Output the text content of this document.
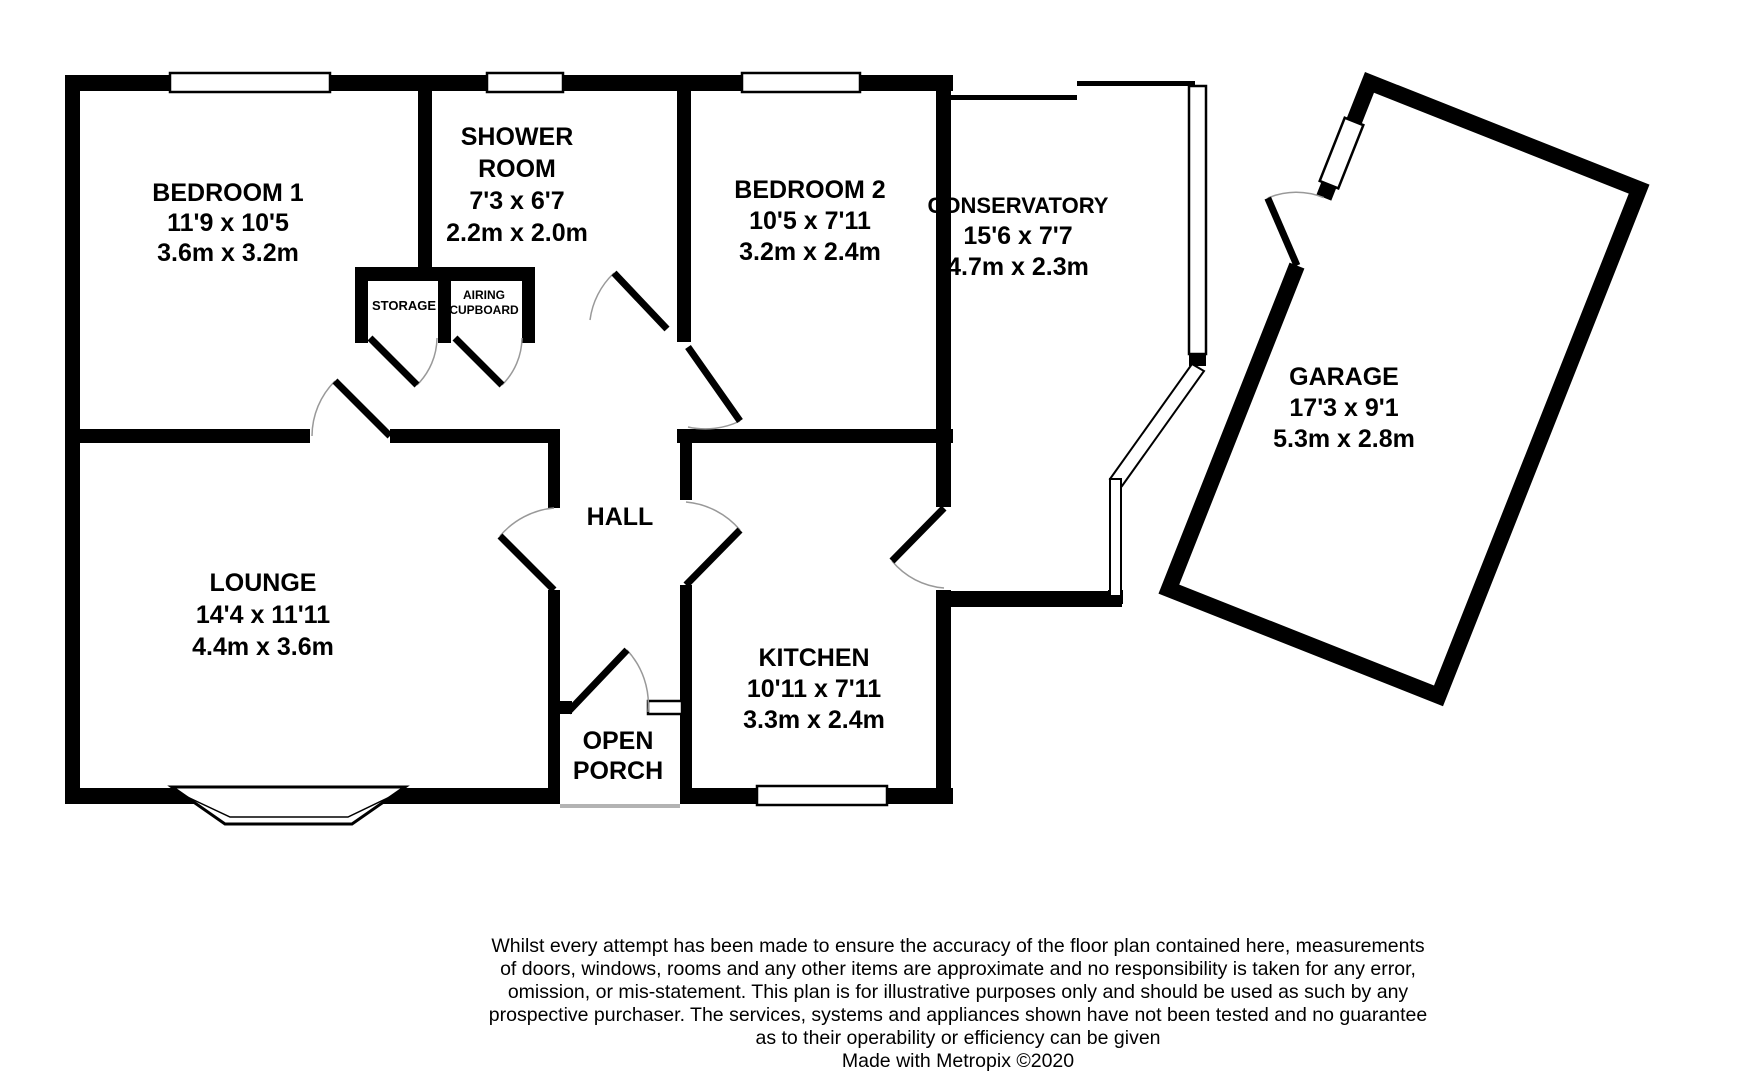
BEDROOM 1
11'9 x 10'5
3.6m x 3.2m
SHOWER
ROOM
7'3 x 6'7
2.2m x 2.0m
BEDROOM 2
10'5 x 7'11
3.2m x 2.4m
CONSERVATORY
15'6 x 7'7
4.7m x 2.3m
GARAGE
17'3 x 9'1
5.3m x 2.8m
LOUNGE
14'4 x 11'11
4.4m x 3.6m	KITCHEN
10'11 x 7'11
3.3m x 2.4m
HALL
OPEN
PORCH
STORAGE
AIRING
CUPBOARD
Whilst every attempt has been made to ensure the accuracy of the floor plan contained here, measurements
of doors, windows, rooms and any other items are approximate and no responsibility is taken for any error,
omission, or mis-statement. This plan is for illustrative purposes only and should be used as such by any
prospective purchaser. The services, systems and appliances shown have not been tested and no guarantee
as to their operability or efficiency can be given
Made with Metropix ©2020
